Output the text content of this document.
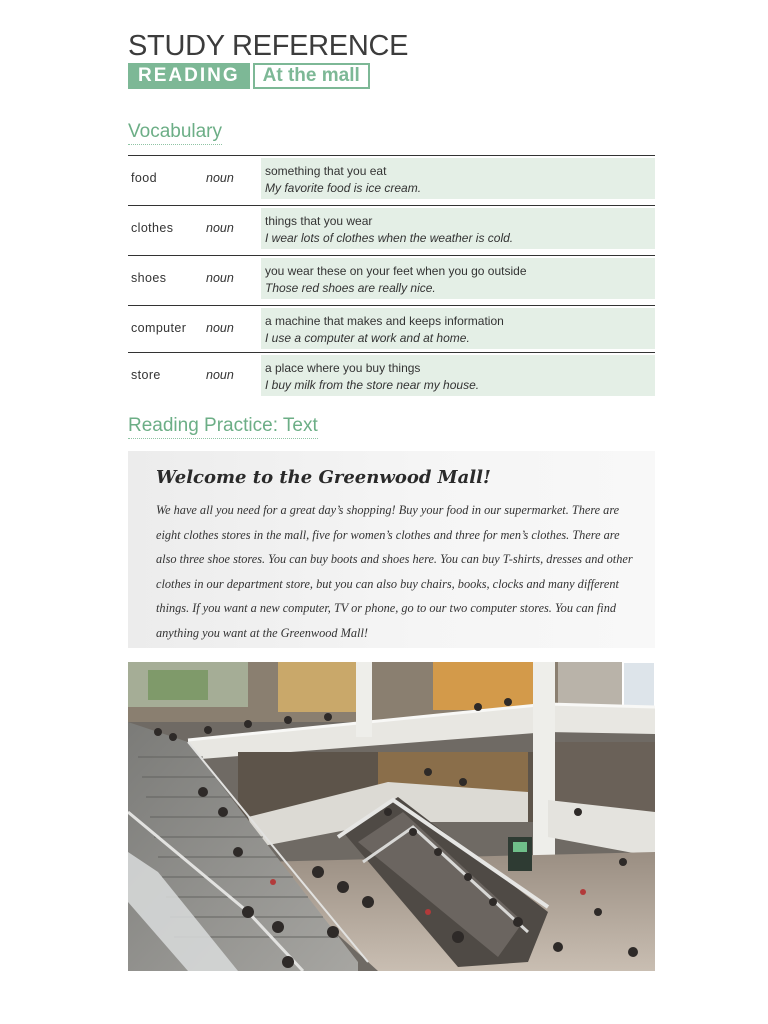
STUDY REFERENCE
READING	At the mall
Vocabulary
food	noun	something that you eat
My favorite food is ice cream.
clothes	noun	things that you wear
I wear lots of clothes when the weather is cold.
shoes	noun	you wear these on your feet when you go outside
Those red shoes are really nice.
computer	noun	a machine that makes and keeps information
I use a computer at work and at home.
store	noun	a place where you buy things
I buy milk from the store near my house.
Reading Practice: Text
Welcome to the Greenwood Mall!
We have all you need for a great day’s shopping! Buy your food in our supermarket. There are eight clothes stores in the mall, five for women’s clothes and three for men’s clothes. There are also three shoe stores. You can buy boots and shoes here. You can buy T-shirts, dresses and other clothes in our department store, but you can also buy chairs, books, clocks and many different things. If you want a new computer, TV or phone, go to our two computer stores. You can find anything you want at the Greenwood Mall!
